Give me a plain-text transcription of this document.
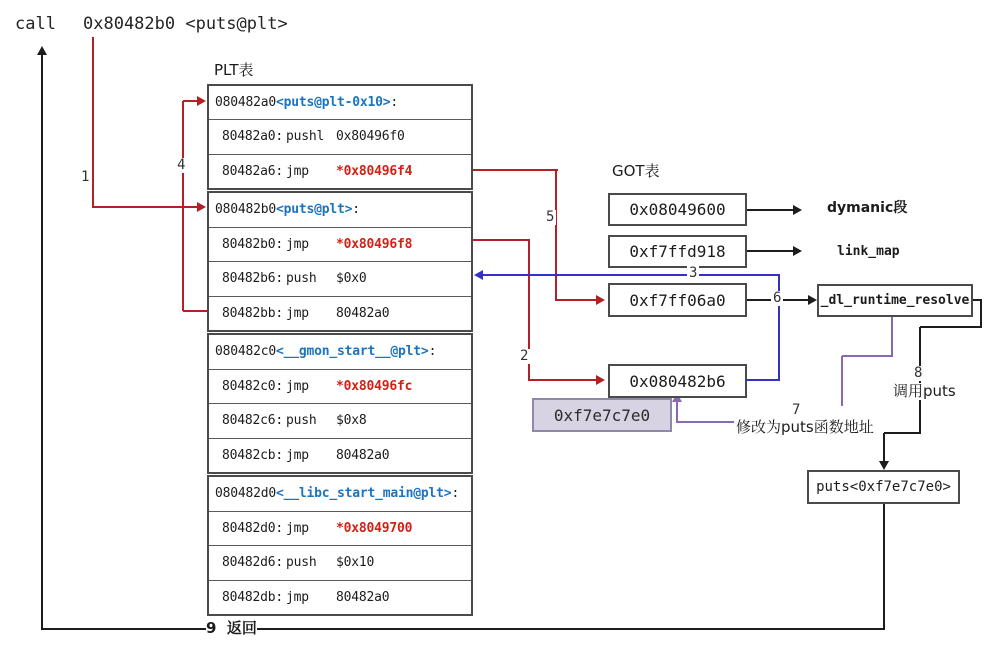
call 0x80482b0 <puts@plt>
9 返回
PLT表
080482a0 <puts@plt-0x10> :
80482a0: pushl 0x80496f0
80482a6: jmp	*0x80496f4
080482b0 <puts@plt> :
80482b0: jmp	*0x80496f8
80482b6: push	$0x0
80482bb: jmp	80482a0
080482c0 <__gmon_start__@plt> :
80482c0: jmp	*0x80496fc
80482c6: push	$0x8
80482cb: jmp	80482a0
080482d0 <__libc_start_main@plt> :
80482d0: jmp	*0x8049700
80482d6: push	$0x10
80482db: jmp	80482a0
1
4
5
2
3
GOT表
0x08049600
0xf7ffd918
0xf7ff06a0
0x080482b6
0xf7e7c7e0
dymanic段
link_map
6	_dl_runtime_resolve
7
修改为puts函数地址
8
调用puts
puts<0xf7e7c7e0>
